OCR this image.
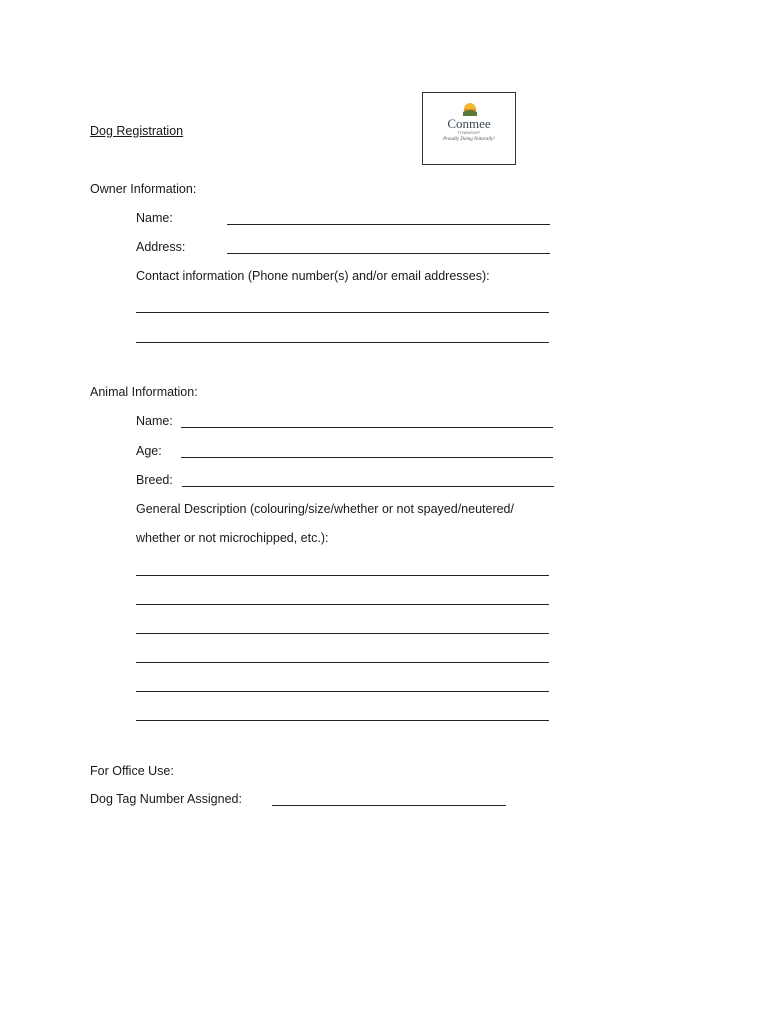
Dog Registration	Conmee
TOWNSHIP
Proudly Doing Naturally!
Owner Information:
Name:
Address:
Contact information (Phone number(s) and/or email addresses):
Animal Information:
Name:
Age:
Breed:
General Description (colouring/size/whether or not spayed/neutered/
whether or not microchipped, etc.):
For Office Use:
Dog Tag Number Assigned:
